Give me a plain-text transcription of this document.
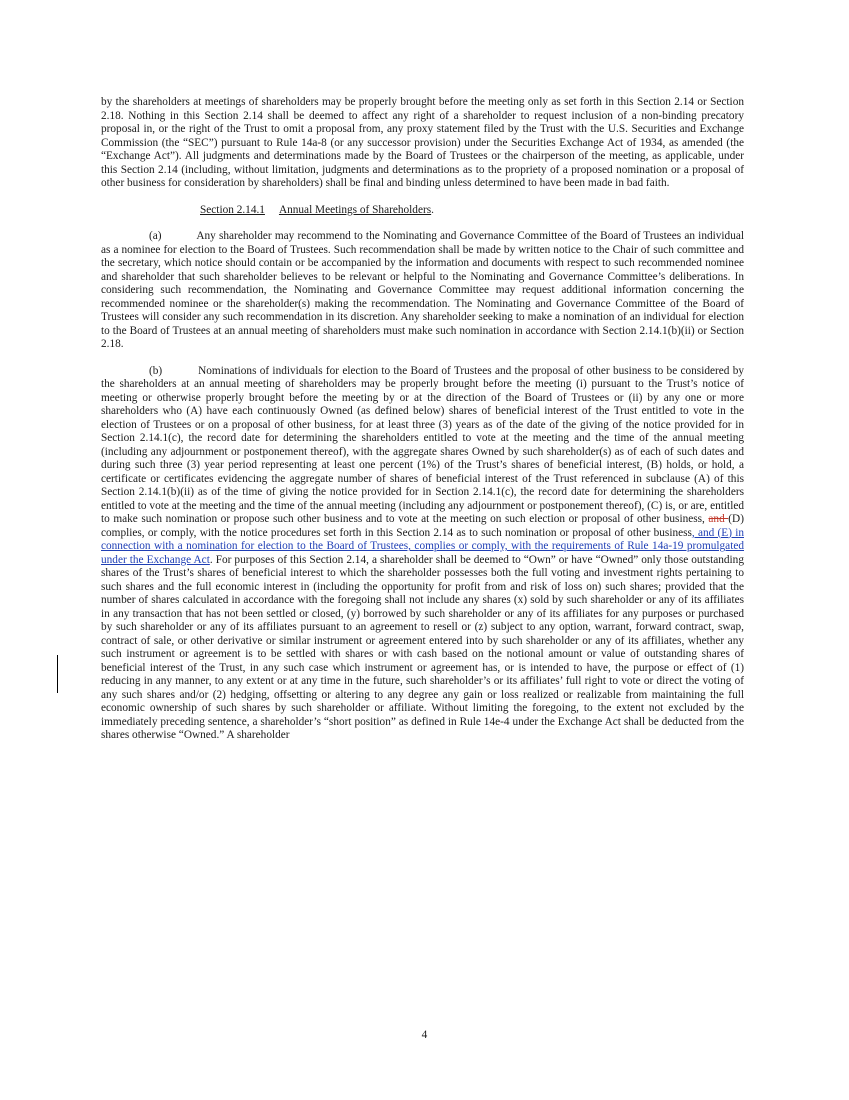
by the shareholders at meetings of shareholders may be properly brought before the meeting only as set forth in this Section 2.14 or Section 2.18. Nothing in this Section 2.14 shall be deemed to affect any right of a shareholder to request inclusion of a non-binding precatory proposal in, or the right of the Trust to omit a proposal from, any proxy statement filed by the Trust with the U.S. Securities and Exchange Commission (the “SEC”) pursuant to Rule 14a-8 (or any successor provision) under the Securities Exchange Act of 1934, as amended (the “Exchange Act”). All judgments and determinations made by the Board of Trustees or the chairperson of the meeting, as applicable, under this Section 2.14 (including, without limitation, judgments and determinations as to the propriety of a proposed nomination or a proposal of other business for consideration by shareholders) shall be final and binding unless determined to have been made in bad faith.

Section 2.14.1 Annual Meetings of Shareholders.

(a)           Any shareholder may recommend to the Nominating and Governance Committee of the Board of Trustees an individual as a nominee for election to the Board of Trustees. Such recommendation shall be made by written notice to the Chair of such committee and the secretary, which notice should contain or be accompanied by the information and documents with respect to such recommended nominee and shareholder that such shareholder believes to be relevant or helpful to the Nominating and Governance Committee’s deliberations. In considering such recommendation, the Nominating and Governance Committee may request additional information concerning the recommended nominee or the shareholder(s) making the recommendation. The Nominating and Governance Committee of the Board of Trustees will consider any such recommendation in its discretion. Any shareholder seeking to make a nomination of an individual for election to the Board of Trustees at an annual meeting of shareholders must make such nomination in accordance with Section 2.14.1(b)(ii) or Section 2.18.

(b)           Nominations of individuals for election to the Board of Trustees and the proposal of other business to be considered by the shareholders at an annual meeting of shareholders may be properly brought before the meeting (i) pursuant to the Trust’s notice of meeting or otherwise properly brought before the meeting by or at the direction of the Board of Trustees or (ii) by any one or more shareholders who (A) have each continuously Owned (as defined below) shares of beneficial interest of the Trust entitled to vote in the election of Trustees or on a proposal of other business, for at least three (3) years as of the date of the giving of the notice provided for in Section 2.14.1(c), the record date for determining the shareholders entitled to vote at the meeting and the time of the annual meeting (including any adjournment or postponement thereof), with the aggregate shares Owned by such shareholder(s) as of each of such dates and during such three (3) year period representing at least one percent (1%) of the Trust’s shares of beneficial interest, (B) holds, or hold, a certificate or certificates evidencing the aggregate number of shares of beneficial interest of the Trust referenced in subclause (A) of this Section 2.14.1(b)(ii) as of the time of giving the notice provided for in Section 2.14.1(c), the record date for determining the shareholders entitled to vote at the meeting and the time of the annual meeting (including any adjournment or postponement thereof), (C) is, or are, entitled to make such nomination or propose such other business and to vote at the meeting on such election or proposal of other business, and (D) complies, or comply, with the notice procedures set forth in this Section 2.14 as to such nomination or proposal of other business, and (E) in connection with a nomination for election to the Board of Trustees, complies or comply, with the requirements of Rule 14a-19 promulgated under the Exchange Act. For purposes of this Section 2.14, a shareholder shall be deemed to “Own” or have “Owned” only those outstanding shares of the Trust’s shares of beneficial interest to which the shareholder possesses both the full voting and investment rights pertaining to such shares and the full economic interest in (including the opportunity for profit from and risk of loss on) such shares; provided that the number of shares calculated in accordance with the foregoing shall not include any shares (x) sold by such shareholder or any of its affiliates in any transaction that has not been settled or closed, (y) borrowed by such shareholder or any of its affiliates for any purposes or purchased by such shareholder or any of its affiliates pursuant to an agreement to resell or (z) subject to any option, warrant, forward contract, swap, contract of sale, or other derivative or similar instrument or agreement entered into by such shareholder or any of its affiliates, whether any such instrument or agreement is to be settled with shares or with cash based on the notional amount or value of outstanding shares of beneficial interest of the Trust, in any such case which instrument or agreement has, or is intended to have, the purpose or effect of (1) reducing in any manner, to any extent or at any time in the future, such shareholder’s or its affiliates’ full right to vote or direct the voting of any such shares and/or (2) hedging, offsetting or altering to any degree any gain or loss realized or realizable from maintaining the full economic ownership of such shares by such shareholder or affiliate. Without limiting the foregoing, to the extent not excluded by the immediately preceding sentence, a shareholder’s “short position” as defined in Rule 14e-4 under the Exchange Act shall be deducted from the shares otherwise “Owned.” A shareholder

4
